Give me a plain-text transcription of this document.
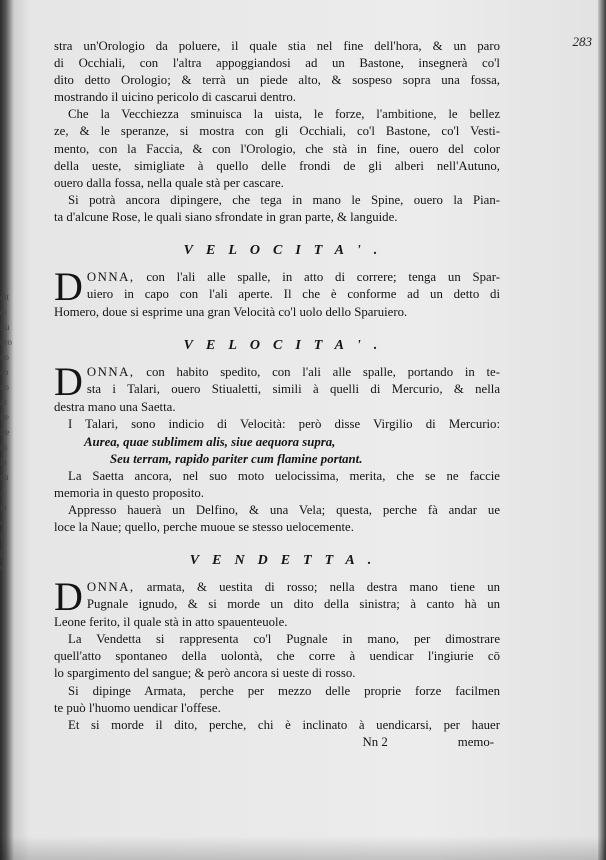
cit
di
ilu
uro
uo
co
uo
ar
lle
lre
ru
la
ua
a
ia
e
l
p
e
283
stra un'Orologio da poluere, il quale stia nel fine dell'hora, & un paro
di Occhiali, con l'altra appoggiandosi ad un Bastone, insegnerà co'l
dito detto Orologio; & terrà un piede alto, & sospeso sopra una fossa,
mostrando il uicino pericolo di cascarui dentro.
Che la Vecchiezza sminuisca la uista, le forze, l'ambitione, le bellez
ze, & le speranze, si mostra con gli Occhiali, co'l Bastone, co'l Vesti-
mento, con la Faccia, & con l'Orologio, che stà in fine, ouero del color
della ueste, simigliate à quello delle frondi de gli alberi nell'Autuno,
ouero dalla fossa, nella quale stà per cascare.
Si potrà ancora dipingere, che tega in mano le Spine, ouero la Pian-
ta d'alcune Rose, le quali siano sfrondate in gran parte, & languide.
VELOCITA'.
D ONNA, con l'ali alle spalle, in atto di correre; tenga un Spar-
uiero in capo con l'ali aperte. Il che è conforme ad un detto di
Homero, doue si esprime una gran Velocità co'l uolo dello Sparuiero.
VELOCITA'.
D ONNA, con habito spedito, con l'ali alle spalle, portando in te-
sta i Talari, ouero Stiualetti, simili à quelli di Mercurio, & nella
destra mano una Saetta.
I Talari, sono indicio di Velocità: però disse Virgilio di Mercurio:
Aurea, quae sublimem alis, siue aequora supra,
Seu terram, rapido pariter cum flamine portant.
La Saetta ancora, nel suo moto uelocissima, merita, che se ne faccie
memoria in questo proposito.
Appresso hauerà un Delfino, & una Vela; questa, perche fà andar ue
loce la Naue; quello, perche muoue se stesso uelocemente.
VENDETTA.
D ONNA, armata, & uestita di rosso; nella destra mano tiene un
Pugnale ignudo, & si morde un dito della sinistra; à canto hà un
Leone ferito, il quale stà in atto spauenteuole.
La Vendetta si rappresenta co'l Pugnale in mano, per dimostrare
quell'atto spontaneo della uolontà, che corre à uendicar l'ingiurie cō
lo spargimento del sangue; & però ancora si ueste di rosso.
Si dipinge Armata, perche per mezzo delle proprie forze facilmen
te può l'huomo uendicar l'offese.
Et si morde il dito, perche, chi è inclinato à uendicarsi, per hauer
Nn 2	memo-
